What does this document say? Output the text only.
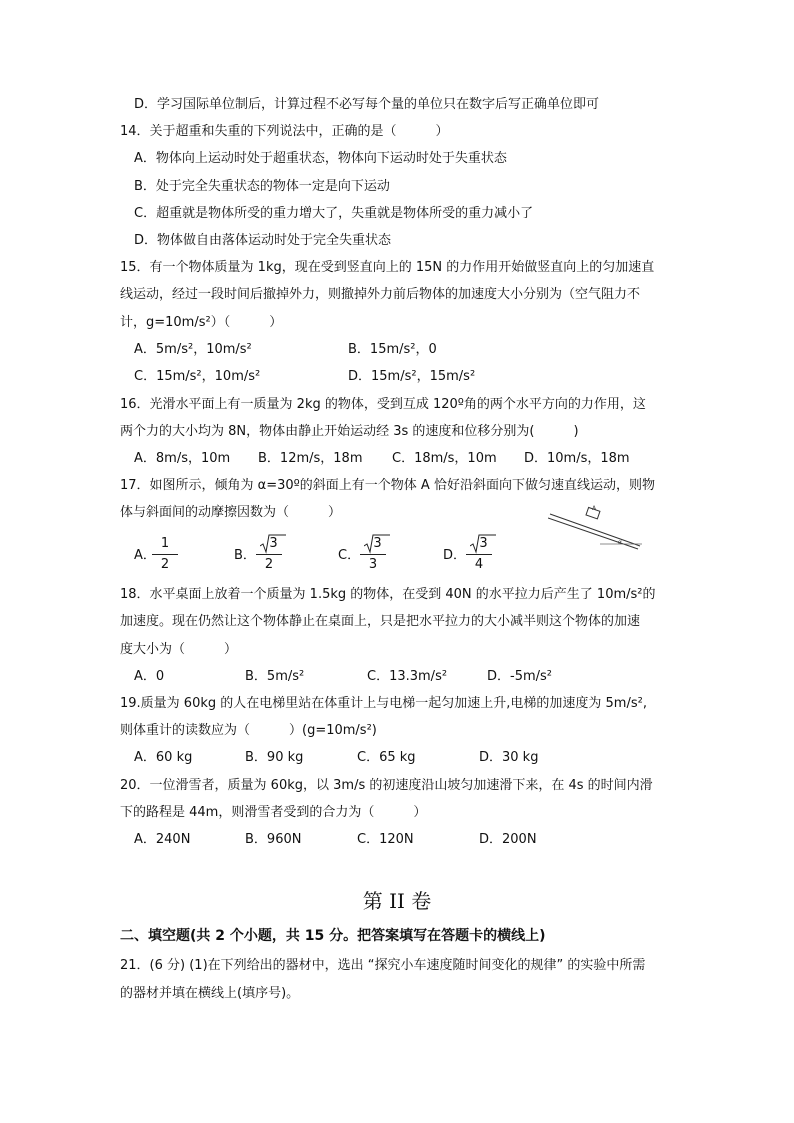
D．学习国际单位制后，计算过程不必写每个量的单位只在数字后写正确单位即可
14．关于超重和失重的下列说法中，正确的是（　　　）
A．物体向上运动时处于超重状态，物体向下运动时处于失重状态
B．处于完全失重状态的物体一定是向下运动
C．超重就是物体所受的重力增大了，失重就是物体所受的重力减小了
D．物体做自由落体运动时处于完全失重状态
15．有一个物体质量为 1kg，现在受到竖直向上的 15N 的力作用开始做竖直向上的匀加速直
线运动，经过一段时间后撤掉外力，则撤掉外力前后物体的加速度大小分别为（空气阻力不
计，g=10m/s²）（　　　）
A．5m/s²，10m/s²	B．15m/s²，0
C．15m/s²，10m/s²	D．15m/s²，15m/s²
16．光滑水平面上有一质量为 2kg 的物体，受到互成 120º角的两个水平方向的力作用，这
两个力的大小均为 8N，物体由静止开始运动经 3s 的速度和位移分别为(　　　)
A．8m/s，10m B．12m/s，18m C．18m/s，10m D．10m/s，18m
17．如图所示，倾角为 α=30º的斜面上有一个物体 A 恰好沿斜面向下做匀速直线运动，则物
体与斜面间的动摩擦因数为（　　　）	A
α
A．
$\frac{1}{2}$	B． $\frac{3}{2}$	C． $\frac{3}{3}$	D． $\frac{3}{4}$
18．水平桌面上放着一个质量为 1.5kg 的物体，在受到 40N 的水平拉力后产生了 10m/s²的
加速度。现在仍然让这个物体静止在桌面上，只是把水平拉力的大小减半则这个物体的加速
度大小为（　　　）
A．0	B．5m/s²	C．13.3m/s²	D．-5m/s²
19.质量为 60kg 的人在电梯里站在体重计上与电梯一起匀加速上升,电梯的加速度为 5m/s²,
则体重计的读数应为（　　　）(g=10m/s²)
A．60 kg	B．90 kg	C．65 kg	D．30 kg
20．一位滑雪者，质量为 60kg，以 3m/s 的初速度沿山坡匀加速滑下来，在 4s 的时间内滑
下的路程是 44m，则滑雪者受到的合力为（　　　）
A．240N	B．960N	C．120N	D．200N
第 II 卷
二、填空题(共 2 个小题，共 15 分。把答案填写在答题卡的横线上)
21．(6 分) (1)在下列给出的器材中，选出 “探究小车速度随时间变化的规律” 的实验中所需
的器材并填在横线上(填序号)。
